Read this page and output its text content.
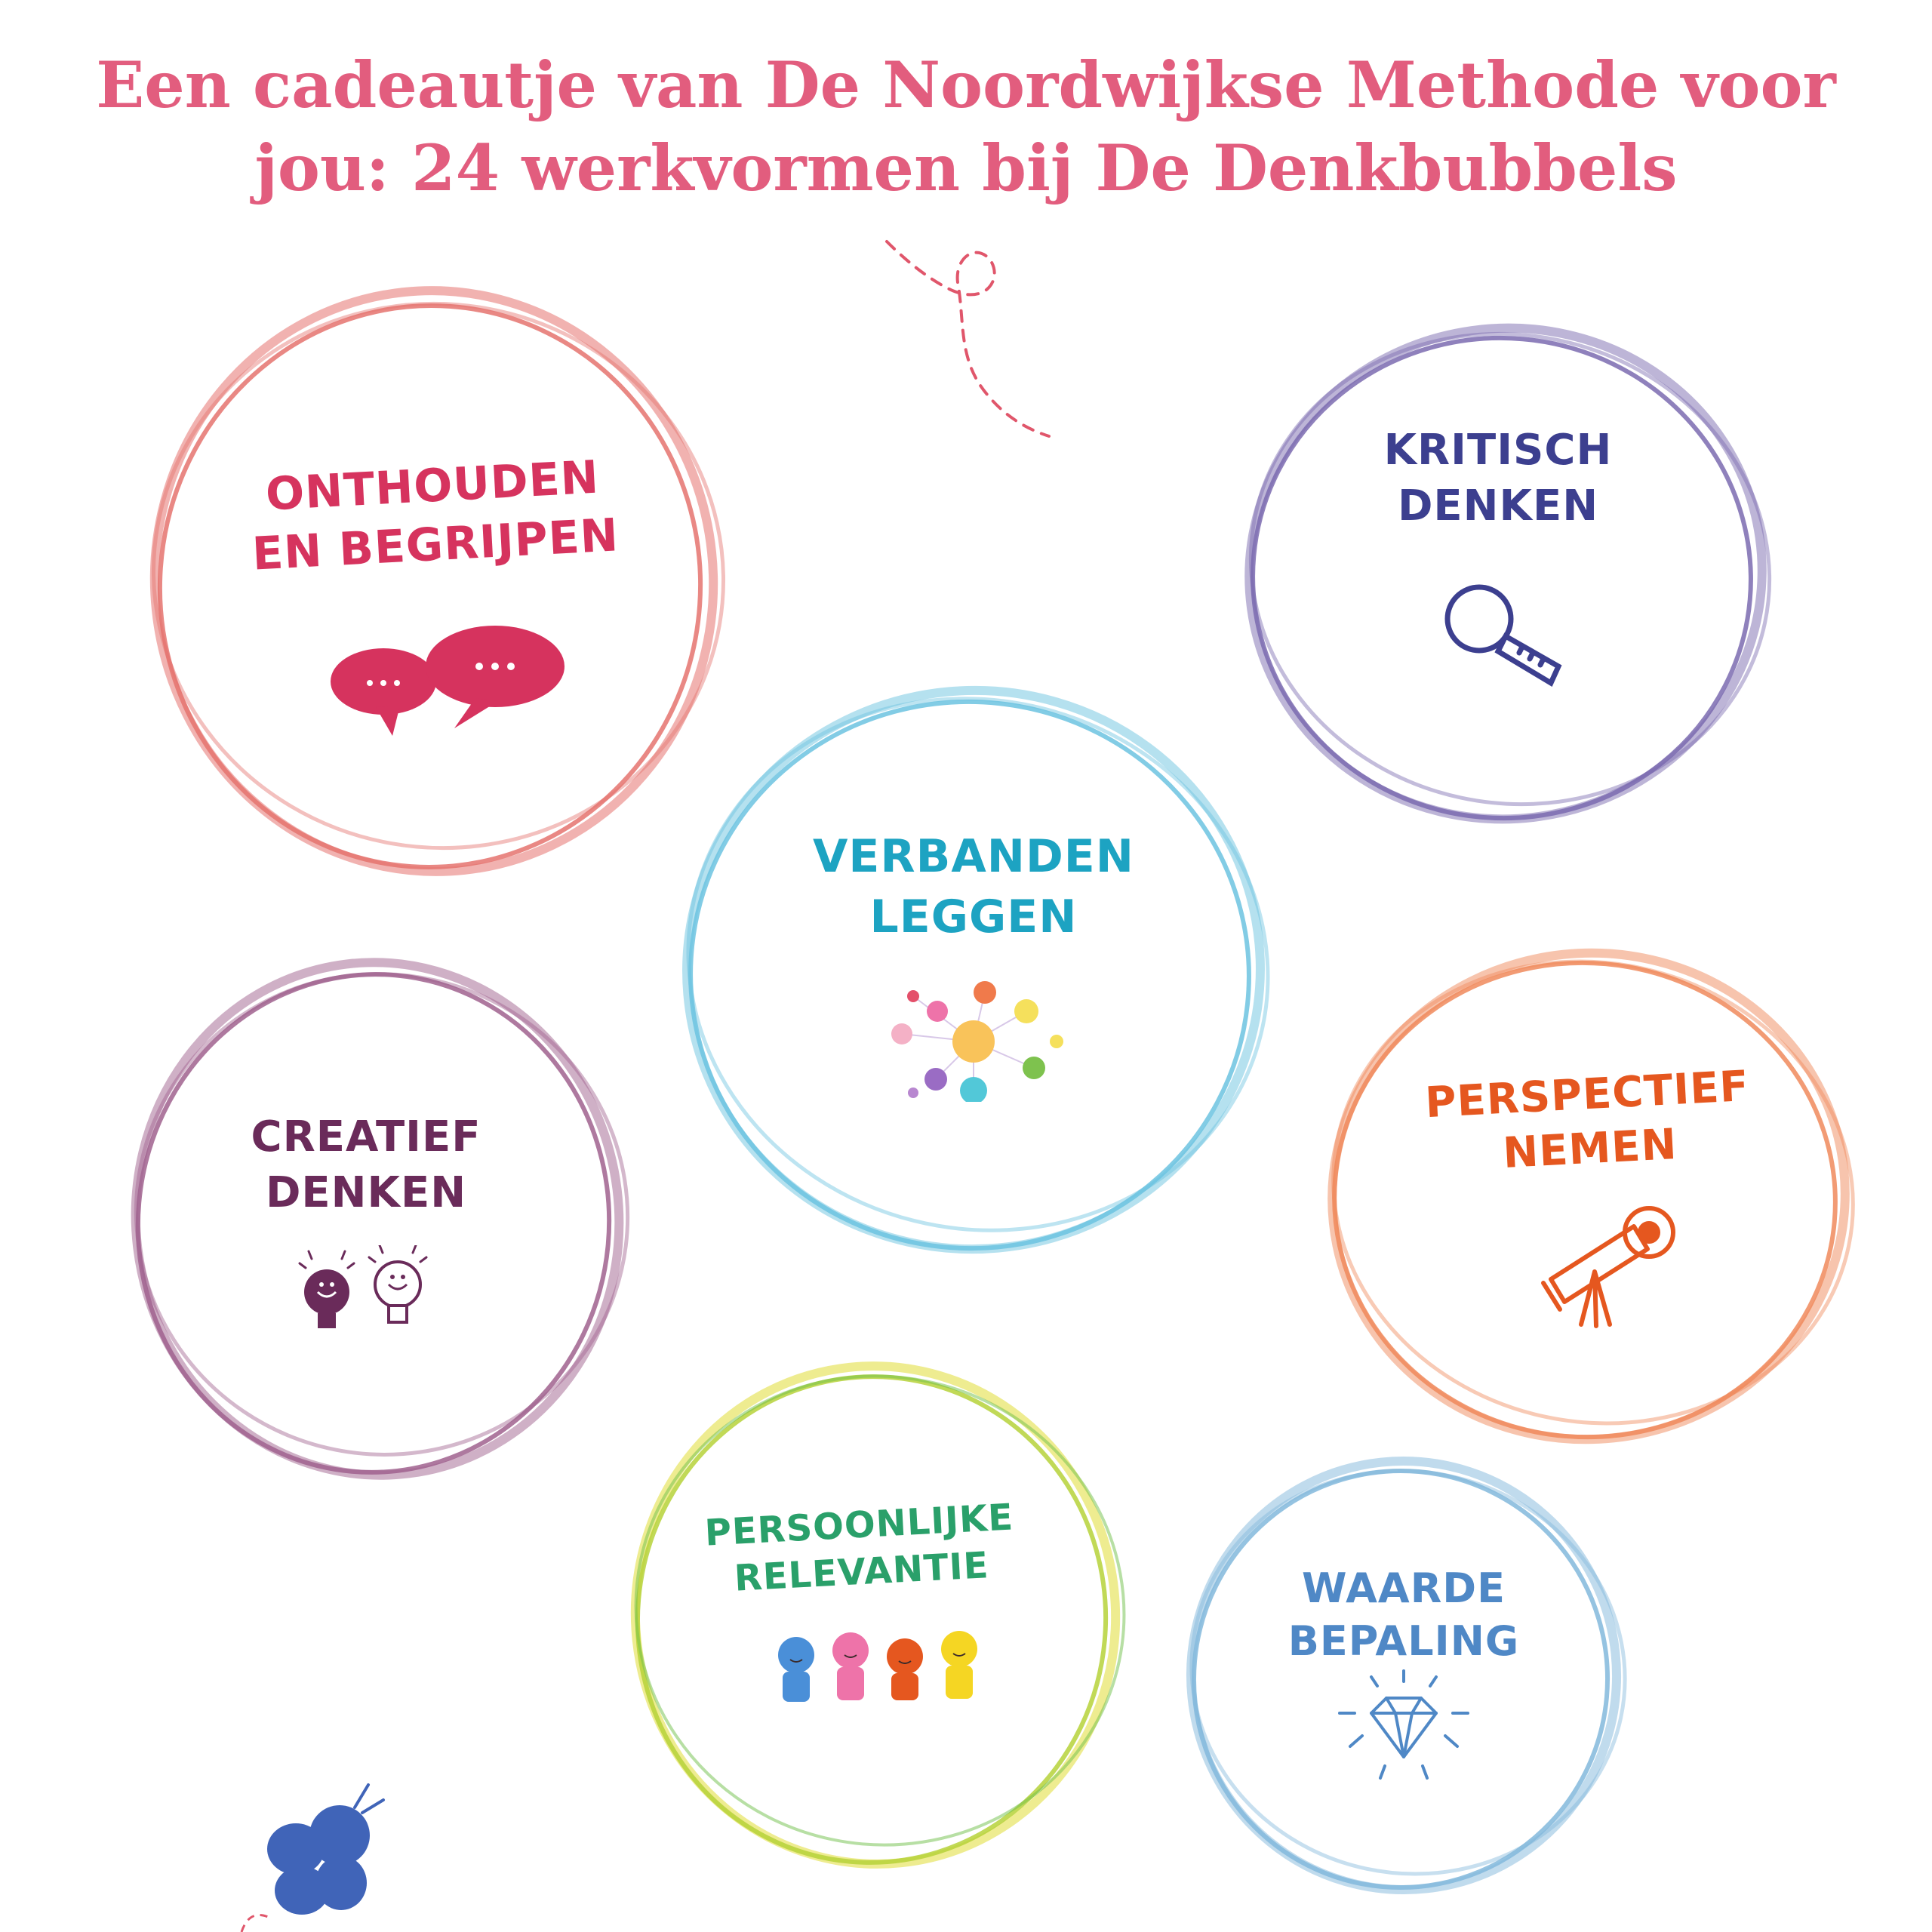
Een cadeautje van De Noordwijkse Methode voor
jou: 24 werkvormen bij De Denkbubbels
ONTHOUDEN
EN BEGRIJPEN
KRITISCH
DENKEN
VERBANDEN
LEGGEN
CREATIEF
DENKEN
PERSPECTIEF
NEMEN
PERSOONLIJKE
RELEVANTIE	WAARDE
BEPALING
